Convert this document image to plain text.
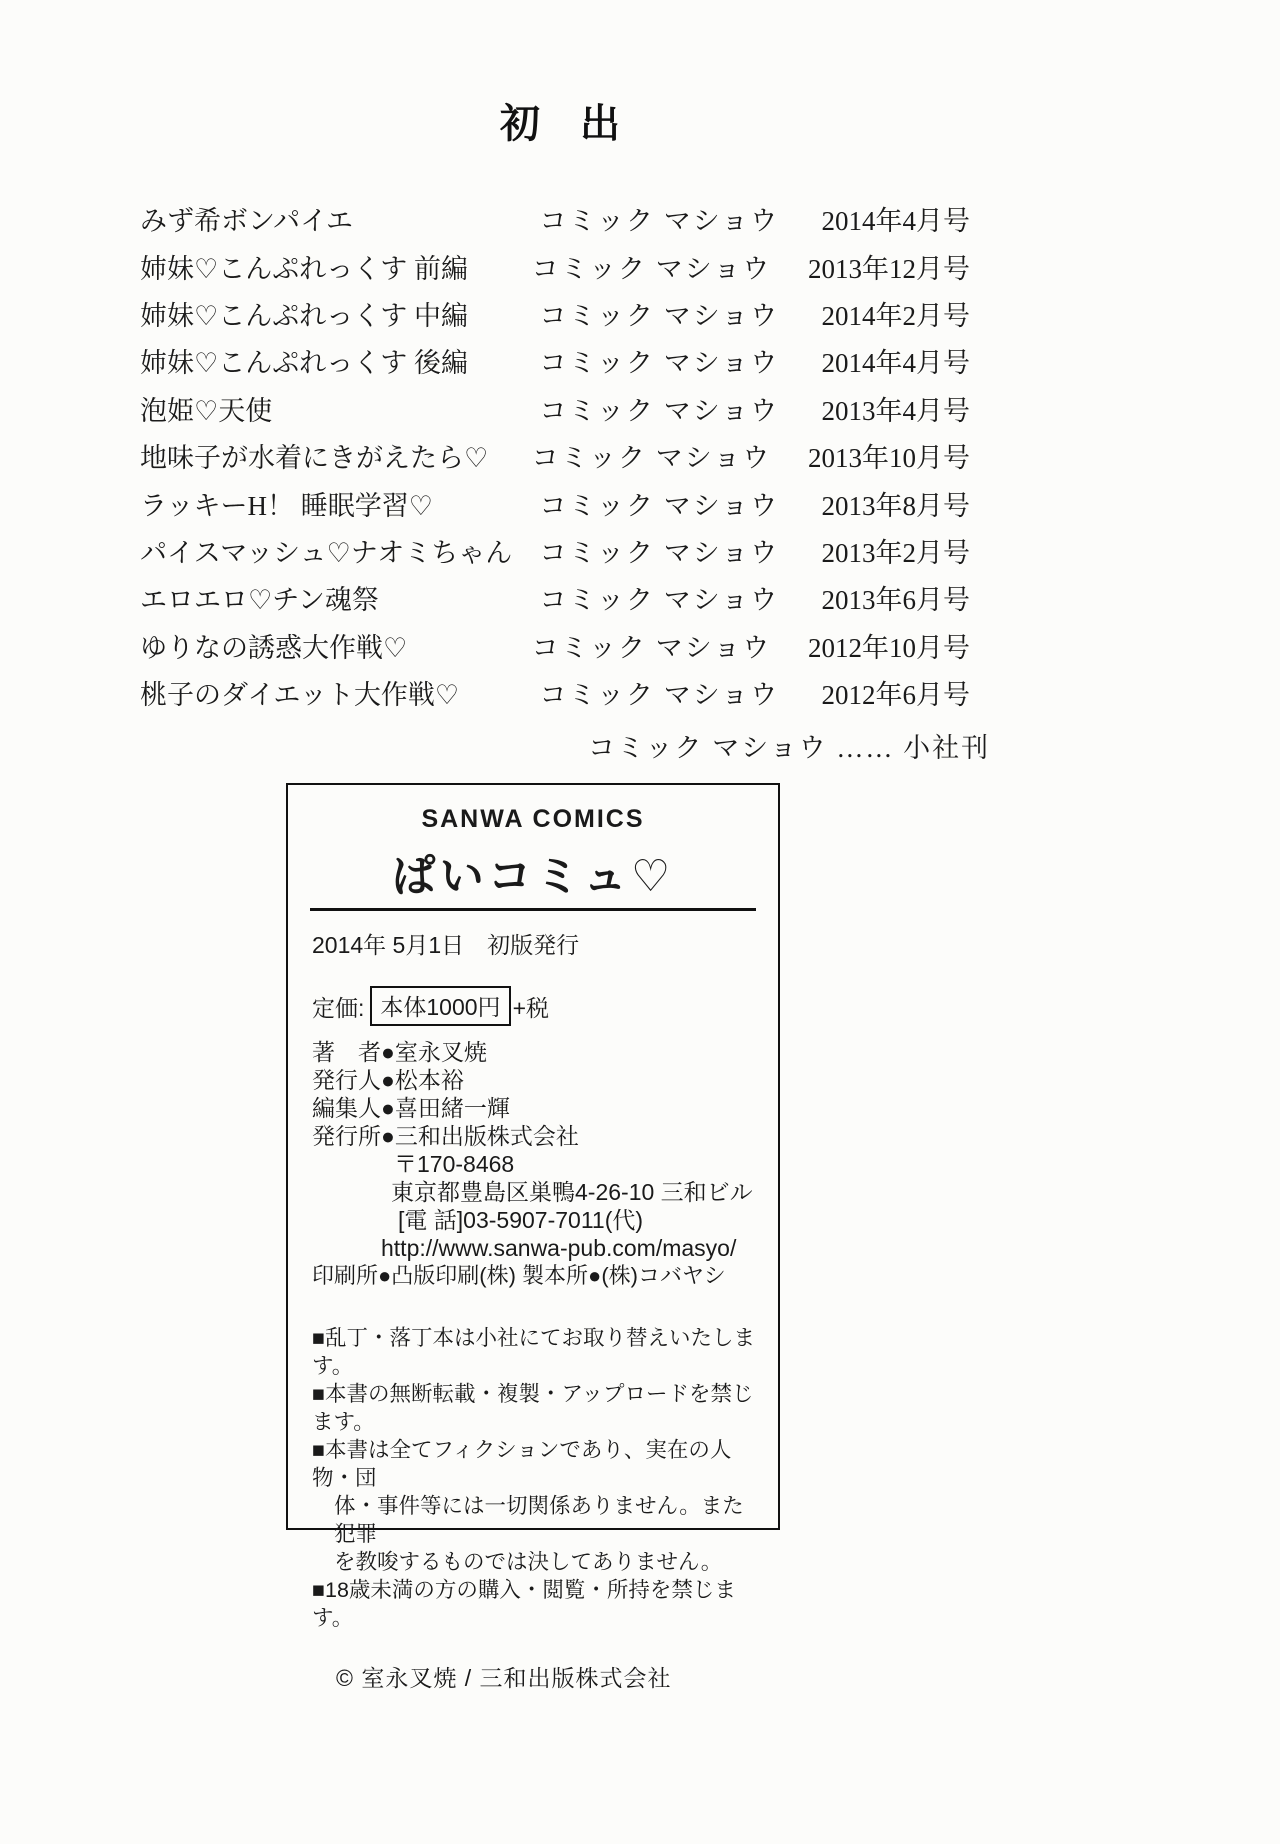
初　出
みず希ボンパイエ	コミック マショウ	2014年4月号
姉妹♡こんぷれっくす 前編	コミック マショウ	2013年12月号
姉妹♡こんぷれっくす 中編	コミック マショウ	2014年2月号
姉妹♡こんぷれっくす 後編	コミック マショウ	2014年4月号
泡姫♡天使	コミック マショウ	2013年4月号
地味子が水着にきがえたら♡	コミック マショウ	2013年10月号
ラッキーH！ 睡眠学習♡	コミック マショウ	2013年8月号
パイスマッシュ♡ナオミちゃん	コミック マショウ	2013年2月号
エロエロ♡チン魂祭	コミック マショウ	2013年6月号
ゆりなの誘惑大作戦♡	コミック マショウ	2012年10月号
桃子のダイエット大作戦♡	コミック マショウ	2012年6月号
コミック マショウ …… 小社刊
SANWA COMICS
ぱいコミュ♡
2014年 5月1日　初版発行
定価: 本体1000円 +税
著　者●室永叉焼
発行人●松本裕
編集人●喜田緒一輝
発行所●三和出版株式会社
〒170-8468
東京都豊島区巣鴨4-26-10 三和ビル
[電 話]03-5907-7011(代)
http://www.sanwa-pub.com/masyo/
印刷所●凸版印刷(株) 製本所●(株)コバヤシ
■乱丁・落丁本は小社にてお取り替えいたします。
■本書の無断転載・複製・アップロードを禁じます。
■本書は全てフィクションであり、実在の人物・団
体・事件等には一切関係ありません。また犯罪
を教唆するものでは決してありません。
■18歳未満の方の購入・閲覧・所持を禁じます。
© 室永叉焼 / 三和出版株式会社
